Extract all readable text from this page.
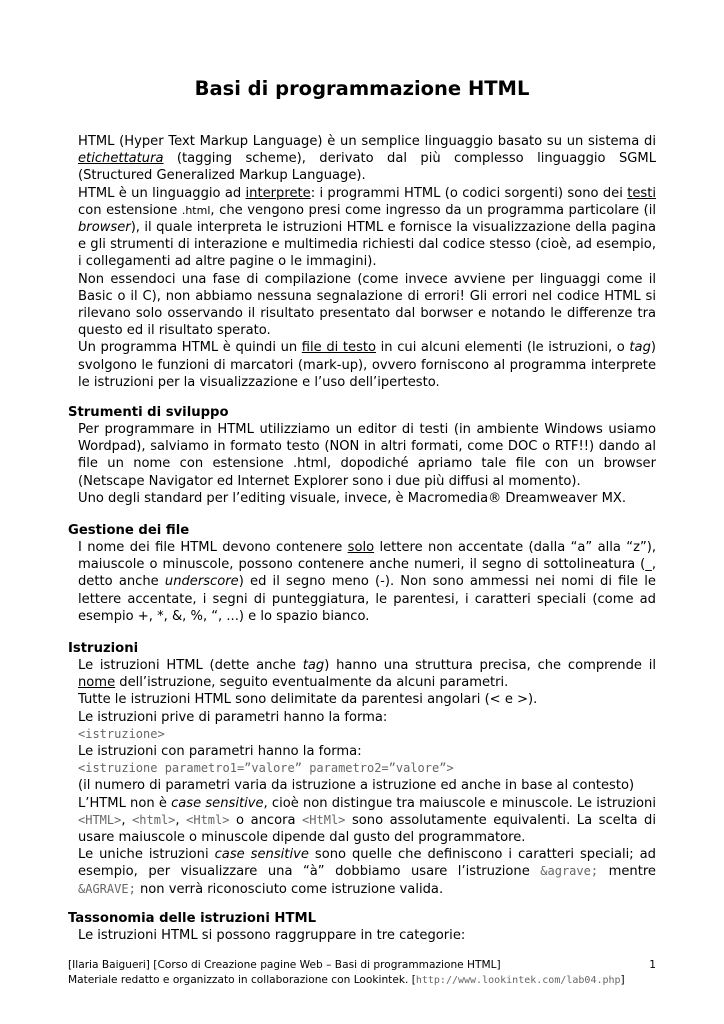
Basi di programmazione HTML

HTML (Hyper Text Markup Language) è un semplice linguaggio basato su un sistema di etichettatura (tagging scheme), derivato dal più complesso linguaggio SGML (Structured Generalized Markup Language).

HTML è un linguaggio ad interprete: i programmi HTML (o codici sorgenti) sono dei testi con estensione .html, che vengono presi come ingresso da un programma particolare (il browser), il quale interpreta le istruzioni HTML e fornisce la visualizzazione della pagina e gli strumenti di interazione e multimedia richiesti dal codice stesso (cioè, ad esempio, i collegamenti ad altre pagine o le immagini).

Non essendoci una fase di compilazione (come invece avviene per linguaggi come il Basic o il C), non abbiamo nessuna segnalazione di errori! Gli errori nel codice HTML si rilevano solo osservando il risultato presentato dal borwser e notando le differenze tra questo ed il risultato sperato.

Un programma HTML è quindi un file di testo in cui alcuni elementi (le istruzioni, o tag) svolgono le funzioni di marcatori (mark-up), ovvero forniscono al programma interprete le istruzioni per la visualizzazione e l’uso dell’ipertesto.

Strumenti di sviluppo

Per programmare in HTML utilizziamo un editor di testi (in ambiente Windows usiamo Wordpad), salviamo in formato testo (NON in altri formati, come DOC o RTF!!) dando al file un nome con estensione .html, dopodiché apriamo tale file con un browser (Netscape Navigator ed Internet Explorer sono i due più diffusi al momento).

Uno degli standard per l’editing visuale, invece, è Macromedia® Dreamweaver MX.

Gestione dei file

I nome dei file HTML devono contenere solo lettere non accentate (dalla “a” alla “z”), maiuscole o minuscole, possono contenere anche numeri, il segno di sottolineatura (_, detto anche underscore) ed il segno meno (-). Non sono ammessi nei nomi di file le lettere accentate, i segni di punteggiatura, le parentesi, i caratteri speciali (come ad esempio +, *, &, %, “, ...) e lo spazio bianco.

Istruzioni

Le istruzioni HTML (dette anche tag) hanno una struttura precisa, che comprende il nome dell’istruzione, seguito eventualmente da alcuni parametri.

Tutte le istruzioni HTML sono delimitate da parentesi angolari (< e >).

Le istruzioni prive di parametri hanno la forma:

<istruzione>

Le istruzioni con parametri hanno la forma:

<istruzione parametro1=”valore” parametro2=”valore”>

(il numero di parametri varia da istruzione a istruzione ed anche in base al contesto)

L’HTML non è case sensitive, cioè non distingue tra maiuscole e minuscole. Le istruzioni <HTML>, <html>, <Html> o ancora <HtMl> sono assolutamente equivalenti. La scelta di usare maiuscole o minuscole dipende dal gusto del programmatore.

Le uniche istruzioni case sensitive sono quelle che definiscono i caratteri speciali; ad esempio, per visualizzare una “à” dobbiamo usare l’istruzione &agrave; mentre &AGRAVE; non verrà riconosciuto come istruzione valida.

Tassonomia delle istruzioni HTML

Le istruzioni HTML si possono raggruppare in tre categorie:

[Ilaria Baigueri] [Corso di Creazione pagine Web – Basi di programmazione HTML]	1
Materiale redatto e organizzato in collaborazione con Lookintek. [http://www.lookintek.com/lab04.php]
